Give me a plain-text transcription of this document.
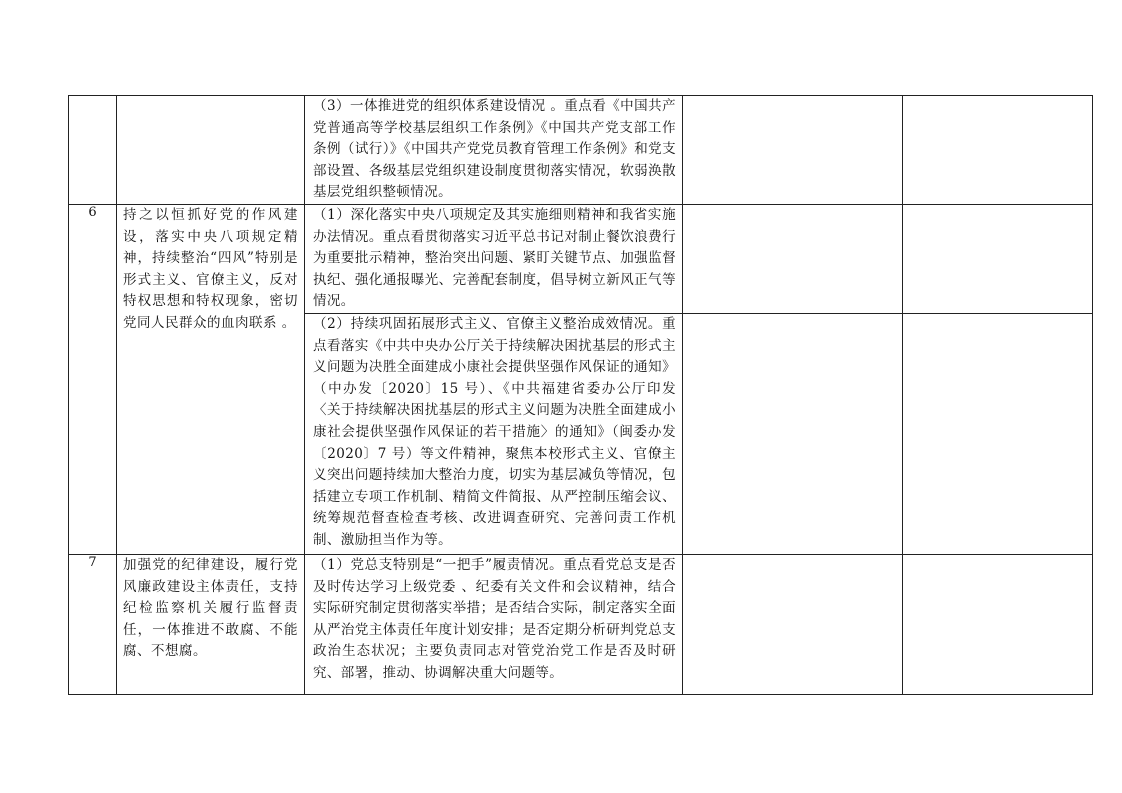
		（3）一体推进党的组织体系建设情况 。重点看《中国共产党普通高等学校基层组织工作条例》《中国共产党支部工作条例（试行）》《中国共产党党员教育管理工作条例》和党支部设置、各级基层党组织建设制度贯彻落实情况，软弱涣散基层党组织整顿情况。		

6	持之以恒抓好党的作风建设，落实中央八项规定精神，持续整治“四风”特别是形式主义、官僚主义，反对特权思想和特权现象，密切党同人民群众的血肉联系 。	（1）深化落实中央八项规定及其实施细则精神和我省实施办法情况。重点看贯彻落实习近平总书记对制止餐饮浪费行为重要批示精神，整治突出问题、紧盯关键节点、加强监督执纪、强化通报曝光、完善配套制度，倡导树立新风正气等情况。		

		（2）持续巩固拓展形式主义、官僚主义整治成效情况。重点看落实《中共中央办公厅关于持续解决困扰基层的形式主义问题为决胜全面建成小康社会提供坚强作风保证的通知》（中办发〔2020〕15 号）、《中共福建省委办公厅印发〈关于持续解决困扰基层的形式主义问题为决胜全面建成小康社会提供坚强作风保证的若干措施〉的通知》（闽委办发〔2020〕7 号）等文件精神，聚焦本校形式主义、官僚主义突出问题持续加大整治力度，切实为基层减负等情况，包括建立专项工作机制、精简文件简报、从严控制压缩会议、统筹规范督查检查考核、改进调查研究、完善问责工作机制、激励担当作为等。		

7	加强党的纪律建设，履行党风廉政建设主体责任，支持纪检监察机关履行监督责任，一体推进不敢腐、不能腐、不想腐。	（1）党总支特别是“一把手”履责情况。重点看党总支是否及时传达学习上级党委 、纪委有关文件和会议精神，结合实际研究制定贯彻落实举措；是否结合实际，制定落实全面从严治党主体责任年度计划安排；是否定期分析研判党总支政治生态状况；主要负责同志对管党治党工作是否及时研究、部署，推动、协调解决重大问题等。		
